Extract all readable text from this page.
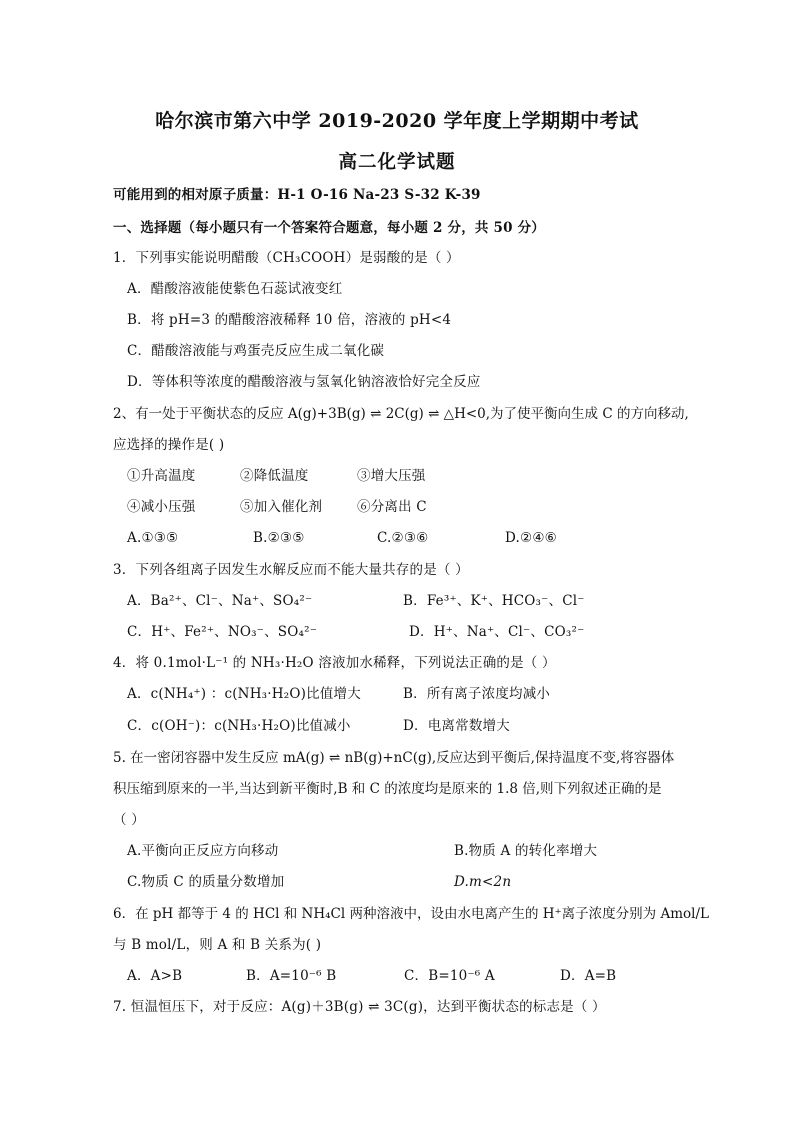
哈尔滨市第六中学 2019-2020 学年度上学期期中考试
高二化学试题
可能用到的相对原子质量：H-1 O-16 Na-23 S-32 K-39
一、选择题（每小题只有一个答案符合题意，每小题 2 分，共 50 分）
1．下列事实能说明醋酸（CH₃COOH）是弱酸的是（ ）
A．醋酸溶液能使紫色石蕊试液变红
B．将 pH=3 的醋酸溶液稀释 10 倍，溶液的 pH<4
C．醋酸溶液能与鸡蛋壳反应生成二氧化碳
D．等体积等浓度的醋酸溶液与氢氧化钠溶液恰好完全反应
2、有一处于平衡状态的反应 A(g)+3B(g) ⇌ 2C(g) ⇌ △H<0,为了使平衡向生成 C 的方向移动,
应选择的操作是( )
①升高温度	②降低温度	③增大压强
④减小压强	⑤加入催化剂	⑥分离出 C
A.①③⑤	B.②③⑤	C.②③⑥	D.②④⑥
3．下列各组离子因发生水解反应而不能大量共存的是（ ）
A．Ba²⁺、Cl⁻、Na⁺、SO₄²⁻	B．Fe³⁺、K⁺、HCO₃⁻、Cl⁻
C．H⁺、Fe²⁺、NO₃⁻、SO₄²⁻	D．H⁺、Na⁺、Cl⁻、CO₃²⁻
4．将 0.1mol·L⁻¹ 的 NH₃·H₂O 溶液加水稀释，下列说法正确的是（ ）
A．c(NH₄⁺) ：c(NH₃·H₂O)比值增大	B．所有离子浓度均减小
C．c(OH⁻)：c(NH₃·H₂O)比值减小	D．电离常数增大
5. 在一密闭容器中发生反应 mA(g) ⇌ nB(g)+nC(g),反应达到平衡后,保持温度不变,将容器体
积压缩到原来的一半,当达到新平衡时,B 和 C 的浓度均是原来的 1.8 倍,则下列叙述正确的是
（ ）
A.平衡向正反应方向移动	B.物质 A 的转化率增大
C.物质 C 的质量分数增加	D.m<2n
6．在 pH 都等于 4 的 HCl 和 NH₄Cl 两种溶液中，设由水电离产生的 H⁺离子浓度分别为 Amol/L
与 B mol/L，则 A 和 B 关系为( )
A．A>B	B．A=10⁻⁶ B	C．B=10⁻⁶ A	D．A=B
7. 恒温恒压下，对于反应：A(g)＋3B(g) ⇌ 3C(g)，达到平衡状态的标志是（ ）
